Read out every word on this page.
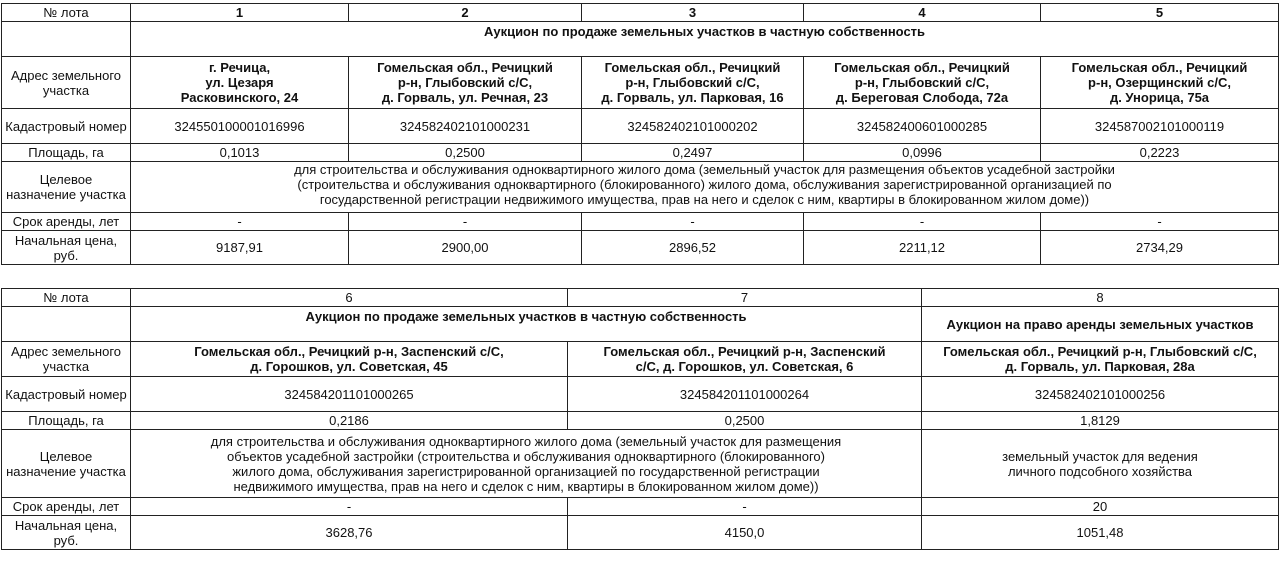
№ лота	1	2	3	4	5
	Аукцион по продаже земельных участков в частную собственность				
Адрес земельного участка	г. Речица,
ул. Цезаря
Расковинского, 24	Гомельская обл., Речицкий
р-н, Глыбовский с/С,
д. Горваль, ул. Речная, 23	Гомельская обл., Речицкий
р-н, Глыбовский с/С,
д. Горваль, ул. Парковая, 16	Гомельская обл., Речицкий
р-н, Глыбовский с/С,
д. Береговая Слобода, 72а	Гомельская обл., Речицкий
р-н, Озерщинский с/С,
д. Унорица, 75а
Кадастровый номер	324550100001016996	324582402101000231	324582402101000202	324582400601000285	324587002101000119
Площадь, га	0,1013	0,2500	0,2497	0,0996	0,2223
Целевое назначение участка	для строительства и обслуживания одноквартирного жилого дома (земельный участок для размещения объектов усадебной застройки
(строительства и обслуживания одноквартирного (блокированного) жилого дома, обслуживания зарегистрированной организацией по
государственной регистрации недвижимого имущества, прав на него и сделок с ним, квартиры в блокированном жилом доме))				
Срок аренды, лет	-	-	-	-	-
Начальная цена, руб.	9187,91	2900,00	2896,52	2211,12	2734,29
№ лота	6	7	8
	Аукцион по продаже земельных участков в частную собственность		Аукцион на право аренды земельных участков
Адрес земельного участка	Гомельская обл., Речицкий р-н, Заспенский с/С,
д. Горошков, ул. Советская, 45	Гомельская обл., Речицкий р-н, Заспенский
с/С, д. Горошков, ул. Советская, 6	Гомельская обл., Речицкий р-н, Глыбовский с/С,
д. Горваль, ул. Парковая, 28а
Кадастровый номер	324584201101000265	324584201101000264	324582402101000256
Площадь, га	0,2186	0,2500	1,8129
Целевое назначение участка	для строительства и обслуживания одноквартирного жилого дома (земельный участок для размещения
объектов усадебной застройки (строительства и обслуживания одноквартирного (блокированного)
жилого дома, обслуживания зарегистрированной организацией по государственной регистрации
недвижимого имущества, прав на него и сделок с ним, квартиры в блокированном жилом доме))		земельный участок для ведения
личного подсобного хозяйства
Срок аренды, лет	-	-	20
Начальная цена, руб.	3628,76	4150,0	1051,48
